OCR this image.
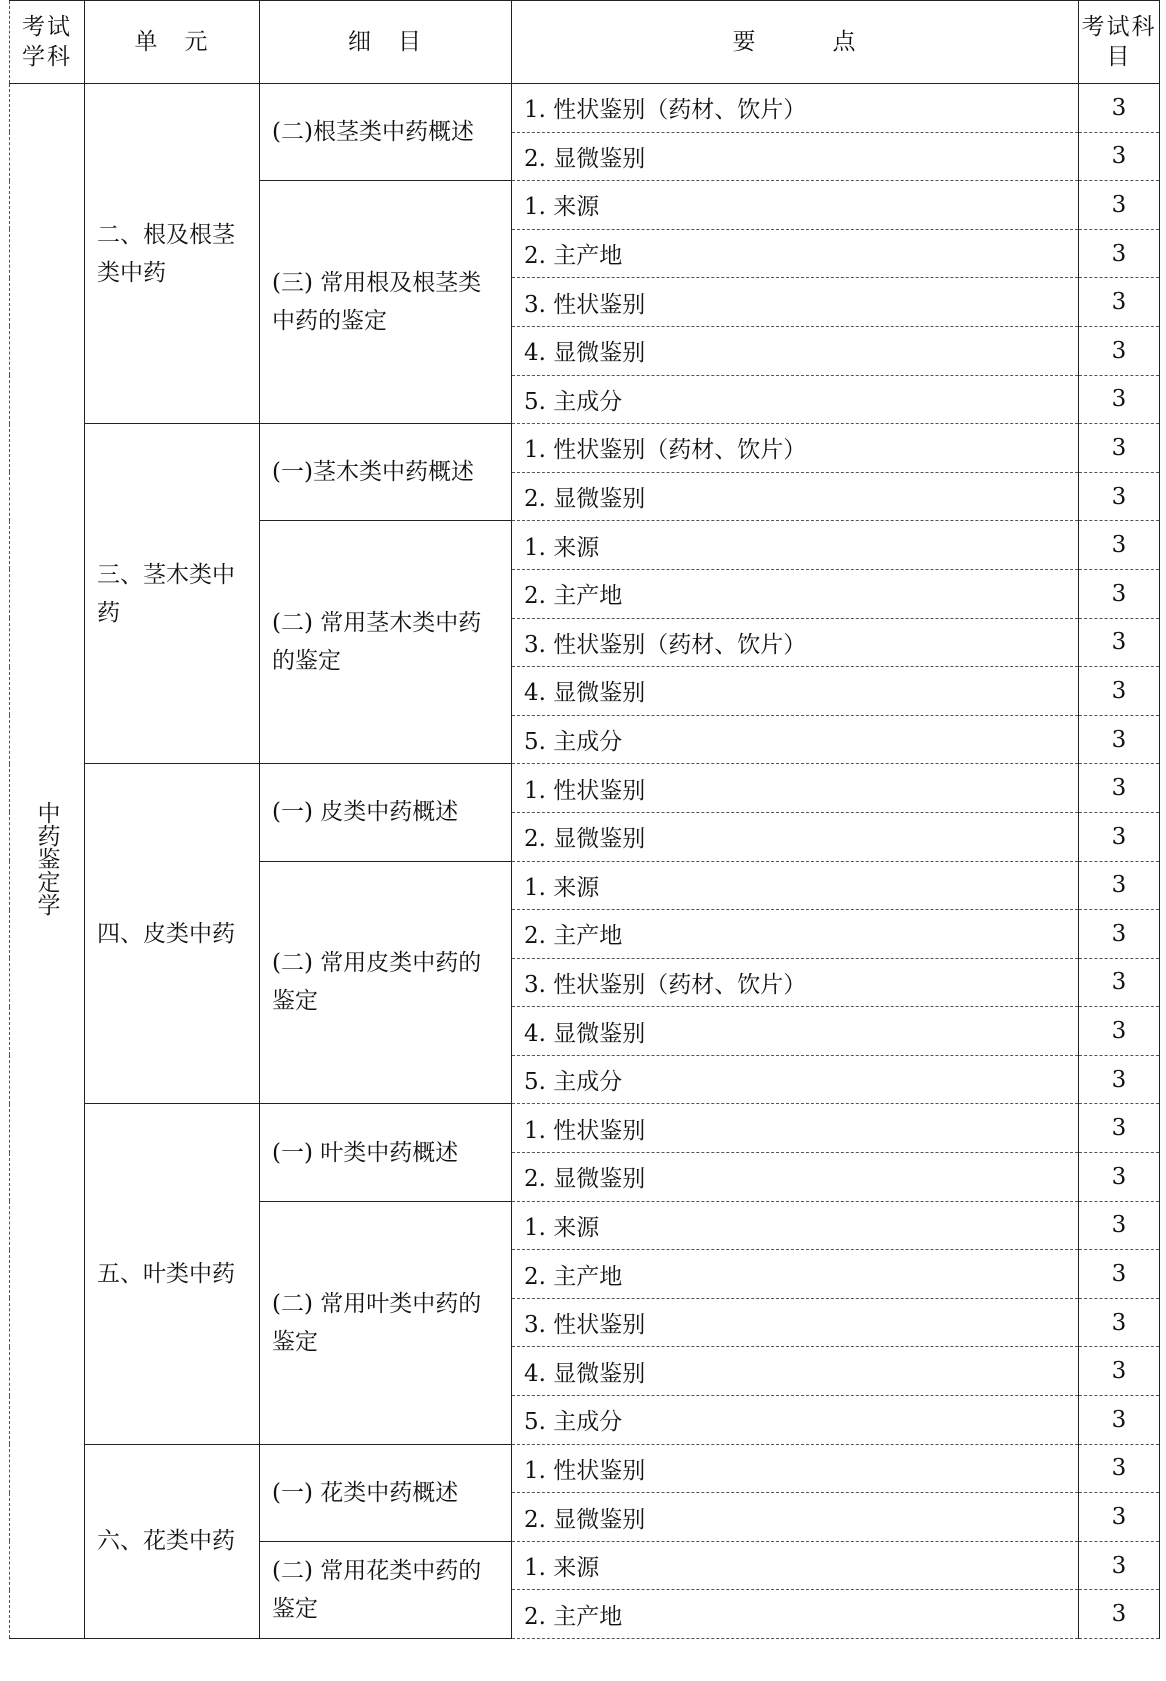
考试学科	单　元	细　目	要　　　点	考试科目
中药鉴定学	二、根及根茎类中药	(二)根茎类中药概述	1. 性状鉴别（药材、饮片）	3
			2. 显微鉴别	3
		(三) 常用根及根茎类中药的鉴定	1. 来源	3
			2. 主产地	3
			3. 性状鉴别	3
			4. 显微鉴别	3
			5. 主成分	3
	三、茎木类中药	(一)茎木类中药概述	1. 性状鉴别（药材、饮片）	3
			2. 显微鉴别	3
		(二) 常用茎木类中药的鉴定	1. 来源	3
			2. 主产地	3
			3. 性状鉴别（药材、饮片）	3
			4. 显微鉴别	3
			5. 主成分	3
	四、皮类中药	(一) 皮类中药概述	1. 性状鉴别	3
			2. 显微鉴别	3
		(二) 常用皮类中药的鉴定	1. 来源	3
			2. 主产地	3
			3. 性状鉴别（药材、饮片）	3
			4. 显微鉴别	3
			5. 主成分	3
	五、叶类中药	(一) 叶类中药概述	1. 性状鉴别	3
			2. 显微鉴别	3
		(二) 常用叶类中药的鉴定	1. 来源	3
			2. 主产地	3
			3. 性状鉴别	3
			4. 显微鉴别	3
			5. 主成分	3
	六、花类中药	(一) 花类中药概述	1. 性状鉴别	3
			2. 显微鉴别	3
		(二) 常用花类中药的鉴定	1. 来源	3
			2. 主产地	3
